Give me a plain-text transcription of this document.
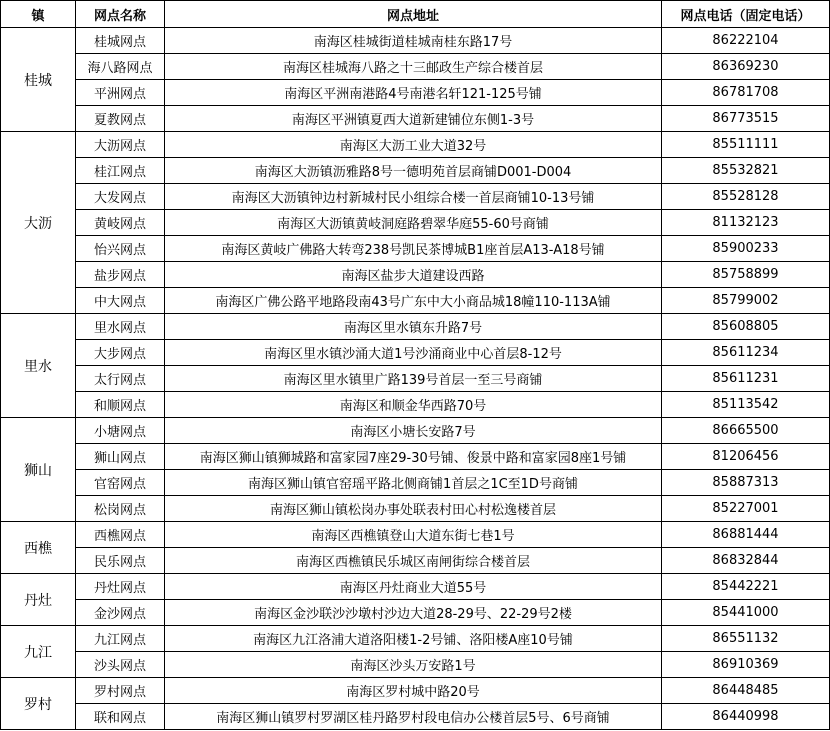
镇	网点名称	网点地址	网点电话（固定电话）
桂城	桂城网点	南海区桂城街道桂城南桂东路17号	86222104
	海八路网点	南海区桂城海八路之十三邮政生产综合楼首层	86369230
	平洲网点	南海区平洲南港路4号南港名轩121-125号铺	86781708
	夏教网点	南海区平洲镇夏西大道新建铺位东侧1-3号	86773515
大沥	大沥网点	南海区大沥工业大道32号	85511111
	桂江网点	南海区大沥镇沥雅路8号一德明苑首层商铺D001-D004	85532821
	大发网点	南海区大沥镇钟边村新城村民小组综合楼一首层商铺10-13号铺	85528128
	黄岐网点	南海区大沥镇黄岐洞庭路碧翠华庭55-60号商铺	81132123
	怡兴网点	南海区黄岐广佛路大转弯238号凯民茶博城B1座首层A13-A18号铺	85900233
	盐步网点	南海区盐步大道建设西路	85758899
	中大网点	南海区广佛公路平地路段南43号广东中大小商品城18幢110-113A铺	85799002
里水	里水网点	南海区里水镇东升路7号	85608805
	大步网点	南海区里水镇沙涌大道1号沙涌商业中心首层8-12号	85611234
	太行网点	南海区里水镇里广路139号首层一至三号商铺	85611231
	和顺网点	南海区和顺金华西路70号	85113542
狮山	小塘网点	南海区小塘长安路7号	86665500
	狮山网点	南海区狮山镇狮城路和富家园7座29-30号铺、俊景中路和富家园8座1号铺	81206456
	官窑网点	南海区狮山镇官窑瑶平路北侧商铺1首层之1C至1D号商铺	85887313
	松岗网点	南海区狮山镇松岗办事处联表村田心村松逸楼首层	85227001
西樵	西樵网点	南海区西樵镇登山大道东街七巷1号	86881444
	民乐网点	南海区西樵镇民乐城区南闸街综合楼首层	86832844
丹灶	丹灶网点	南海区丹灶商业大道55号	85442221
	金沙网点	南海区金沙联沙沙墩村沙边大道28-29号、22-29号2楼	85441000
九江	九江网点	南海区九江洛浦大道洛阳楼1-2号铺、洛阳楼A座10号铺	86551132
	沙头网点	南海区沙头万安路1号	86910369
罗村	罗村网点	南海区罗村城中路20号	86448485
	联和网点	南海区狮山镇罗村罗湖区桂丹路罗村段电信办公楼首层5号、6号商铺	86440998
